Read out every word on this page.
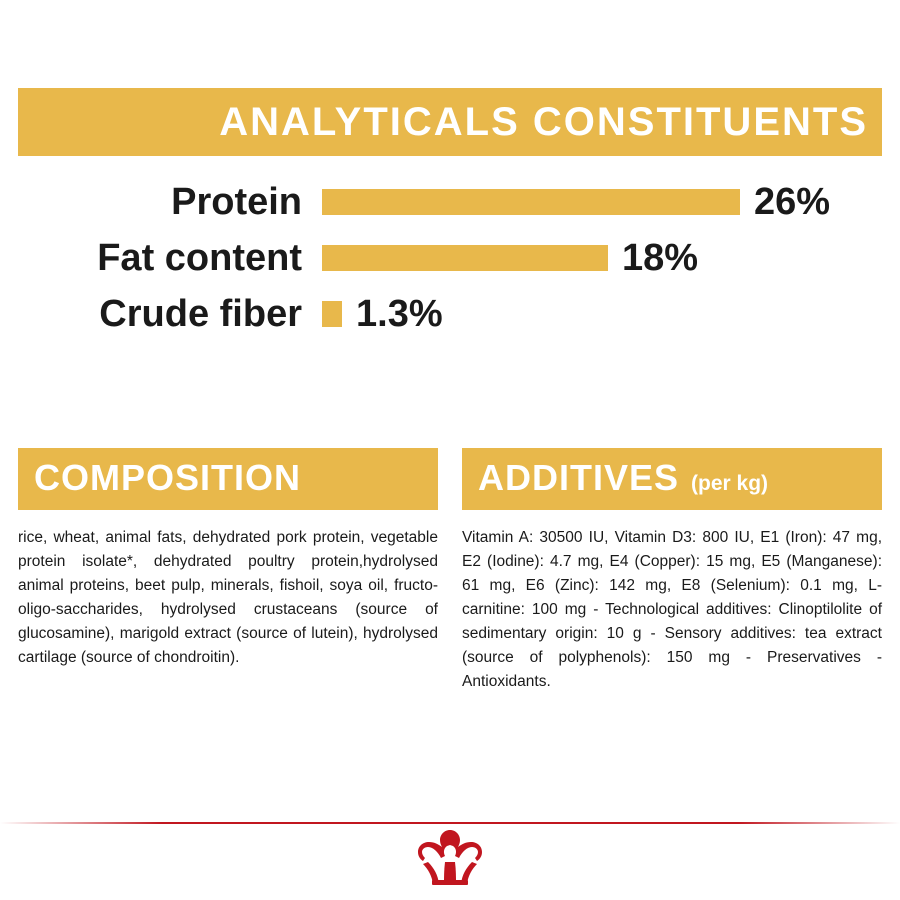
ANALYTICALS CONSTITUENTS
Protein	26%
Fat content	18%
Crude fiber	1.3%
COMPOSITION

rice, wheat, animal fats, dehydrated pork protein, vegetable protein isolate*, dehydrated poultry protein,hydrolysed animal proteins, beet pulp, minerals, fishoil, soya oil, fructo-oligo-saccharides, hydrolysed crustaceans (source of glucosamine), marigold extract (source of lutein), hydrolysed cartilage (source of chondroitin).

ADDITIVES (per kg)

Vitamin A: 30500 IU, Vitamin D3: 800 IU, E1 (Iron): 47 mg, E2 (Iodine): 4.7 mg, E4 (Copper): 15 mg, E5 (Manganese): 61 mg, E6 (Zinc): 142 mg, E8 (Selenium): 0.1 mg, L-carnitine: 100 mg - Technological additives: Clinoptilolite of sedimentary origin: 10 g - Sensory additives: tea extract (source of polyphenols): 150 mg - Preservatives - Antioxidants.
